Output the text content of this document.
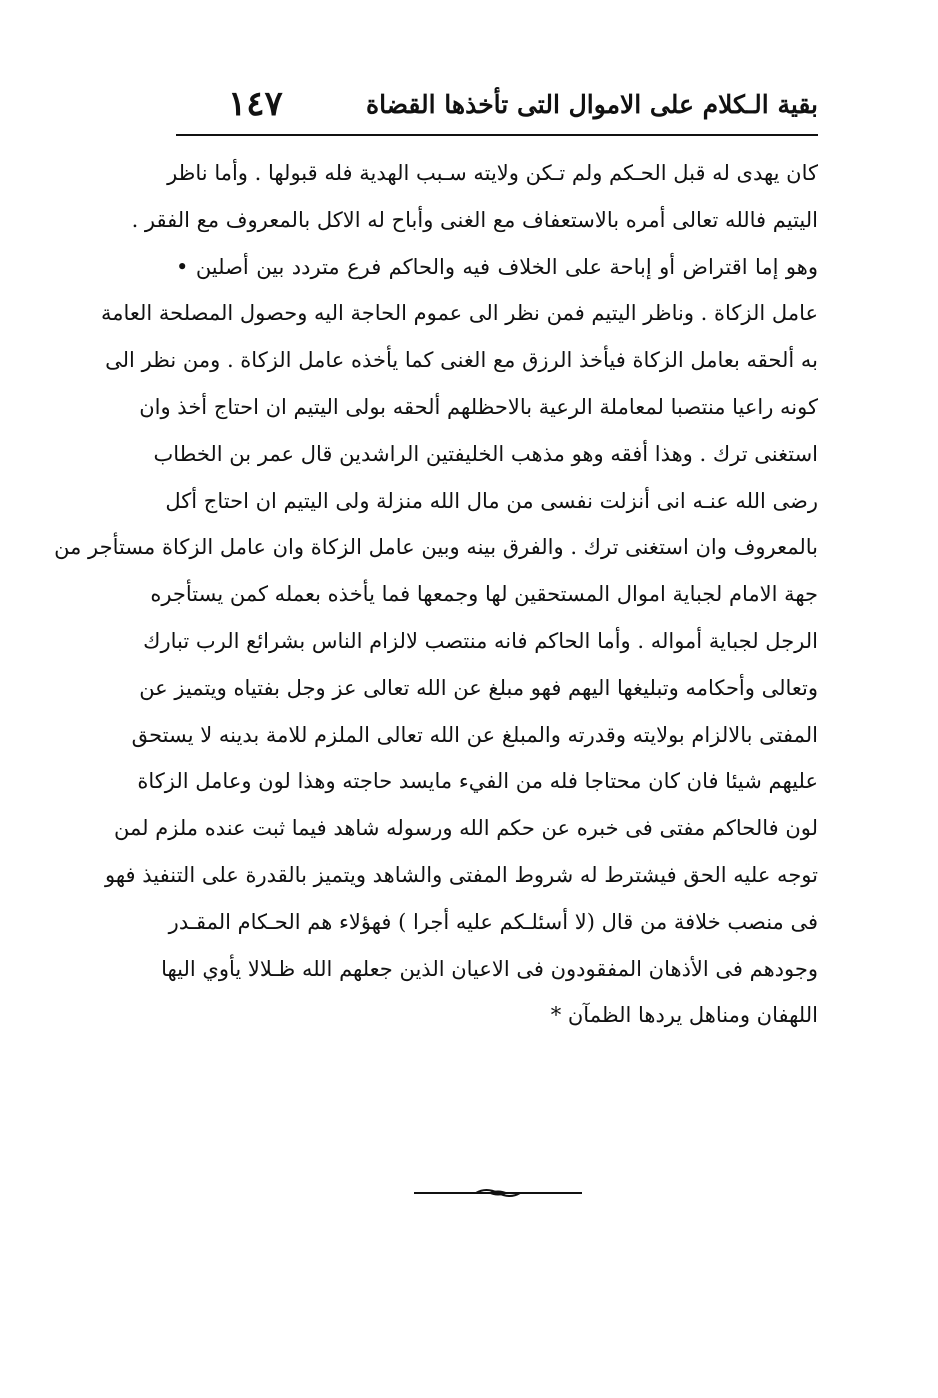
بقية الـكلام على الاموال التى تأخذها القضاة
١٤٧
كان يهدى له قبل الحـكم ولم تـكن ولايته سـبب الهدية فله قبولها . وأما ناظر
اليتيم فالله تعالى أمره بالاستعفاف مع الغنى وأباح له الاكل بالمعروف مع الفقر .
وهو إما اقتراض أو إباحة على الخلاف فيه والحاكم فرع متردد بين أصلين •
عامل الزكاة . وناظر اليتيم فمن نظر الى عموم الحاجة اليه وحصول المصلحة العامة
به ألحقه بعامل الزكاة فيأخذ الرزق مع الغنى كما يأخذه عامل الزكاة . ومن نظر الى
كونه راعيا منتصبا لمعاملة الرعية بالاحظلهم ألحقه بولى اليتيم ان احتاج أخذ وان
استغنى ترك . وهذا أفقه وهو مذهب الخليفتين الراشدين قال عمر بن الخطاب
رضى الله عنـه انى أنزلت نفسى من مال الله منزلة ولى اليتيم ان احتاج أكل
بالمعروف وان استغنى ترك . والفرق بينه وبين عامل الزكاة وان عامل الزكاة مستأجر من
جهة الامام لجباية اموال المستحقين لها وجمعها فما يأخذه بعمله كمن يستأجره
الرجل لجباية أمواله . وأما الحاكم فانه منتصب لالزام الناس بشرائع الرب تبارك
وتعالى وأحكامه وتبليغها اليهم فهو مبلغ عن الله تعالى عز وجل بفتياه ويتميز عن
المفتى بالالزام بولايته وقدرته والمبلغ عن الله تعالى الملزم للامة بدينه لا يستحق
عليهم شيئا فان كان محتاجا فله من الفيء مايسد حاجته وهذا لون وعامل الزكاة
لون فالحاكم مفتى فى خبره عن حكم الله ورسوله شاهد فيما ثبت عنده ملزم لمن
توجه عليه الحق فيشترط له شروط المفتى والشاهد ويتميز بالقدرة على التنفيذ فهو
فى منصب خلافة من قال (لا أسئلـكم عليه أجرا ) فهؤلاء هم الحـكام المقـدر
وجودهم فى الأذهان المفقودون فى الاعيان الذين جعلهم الله ظـلالا يأوي اليها
اللهفان ومناهل يردها الظمآن *
